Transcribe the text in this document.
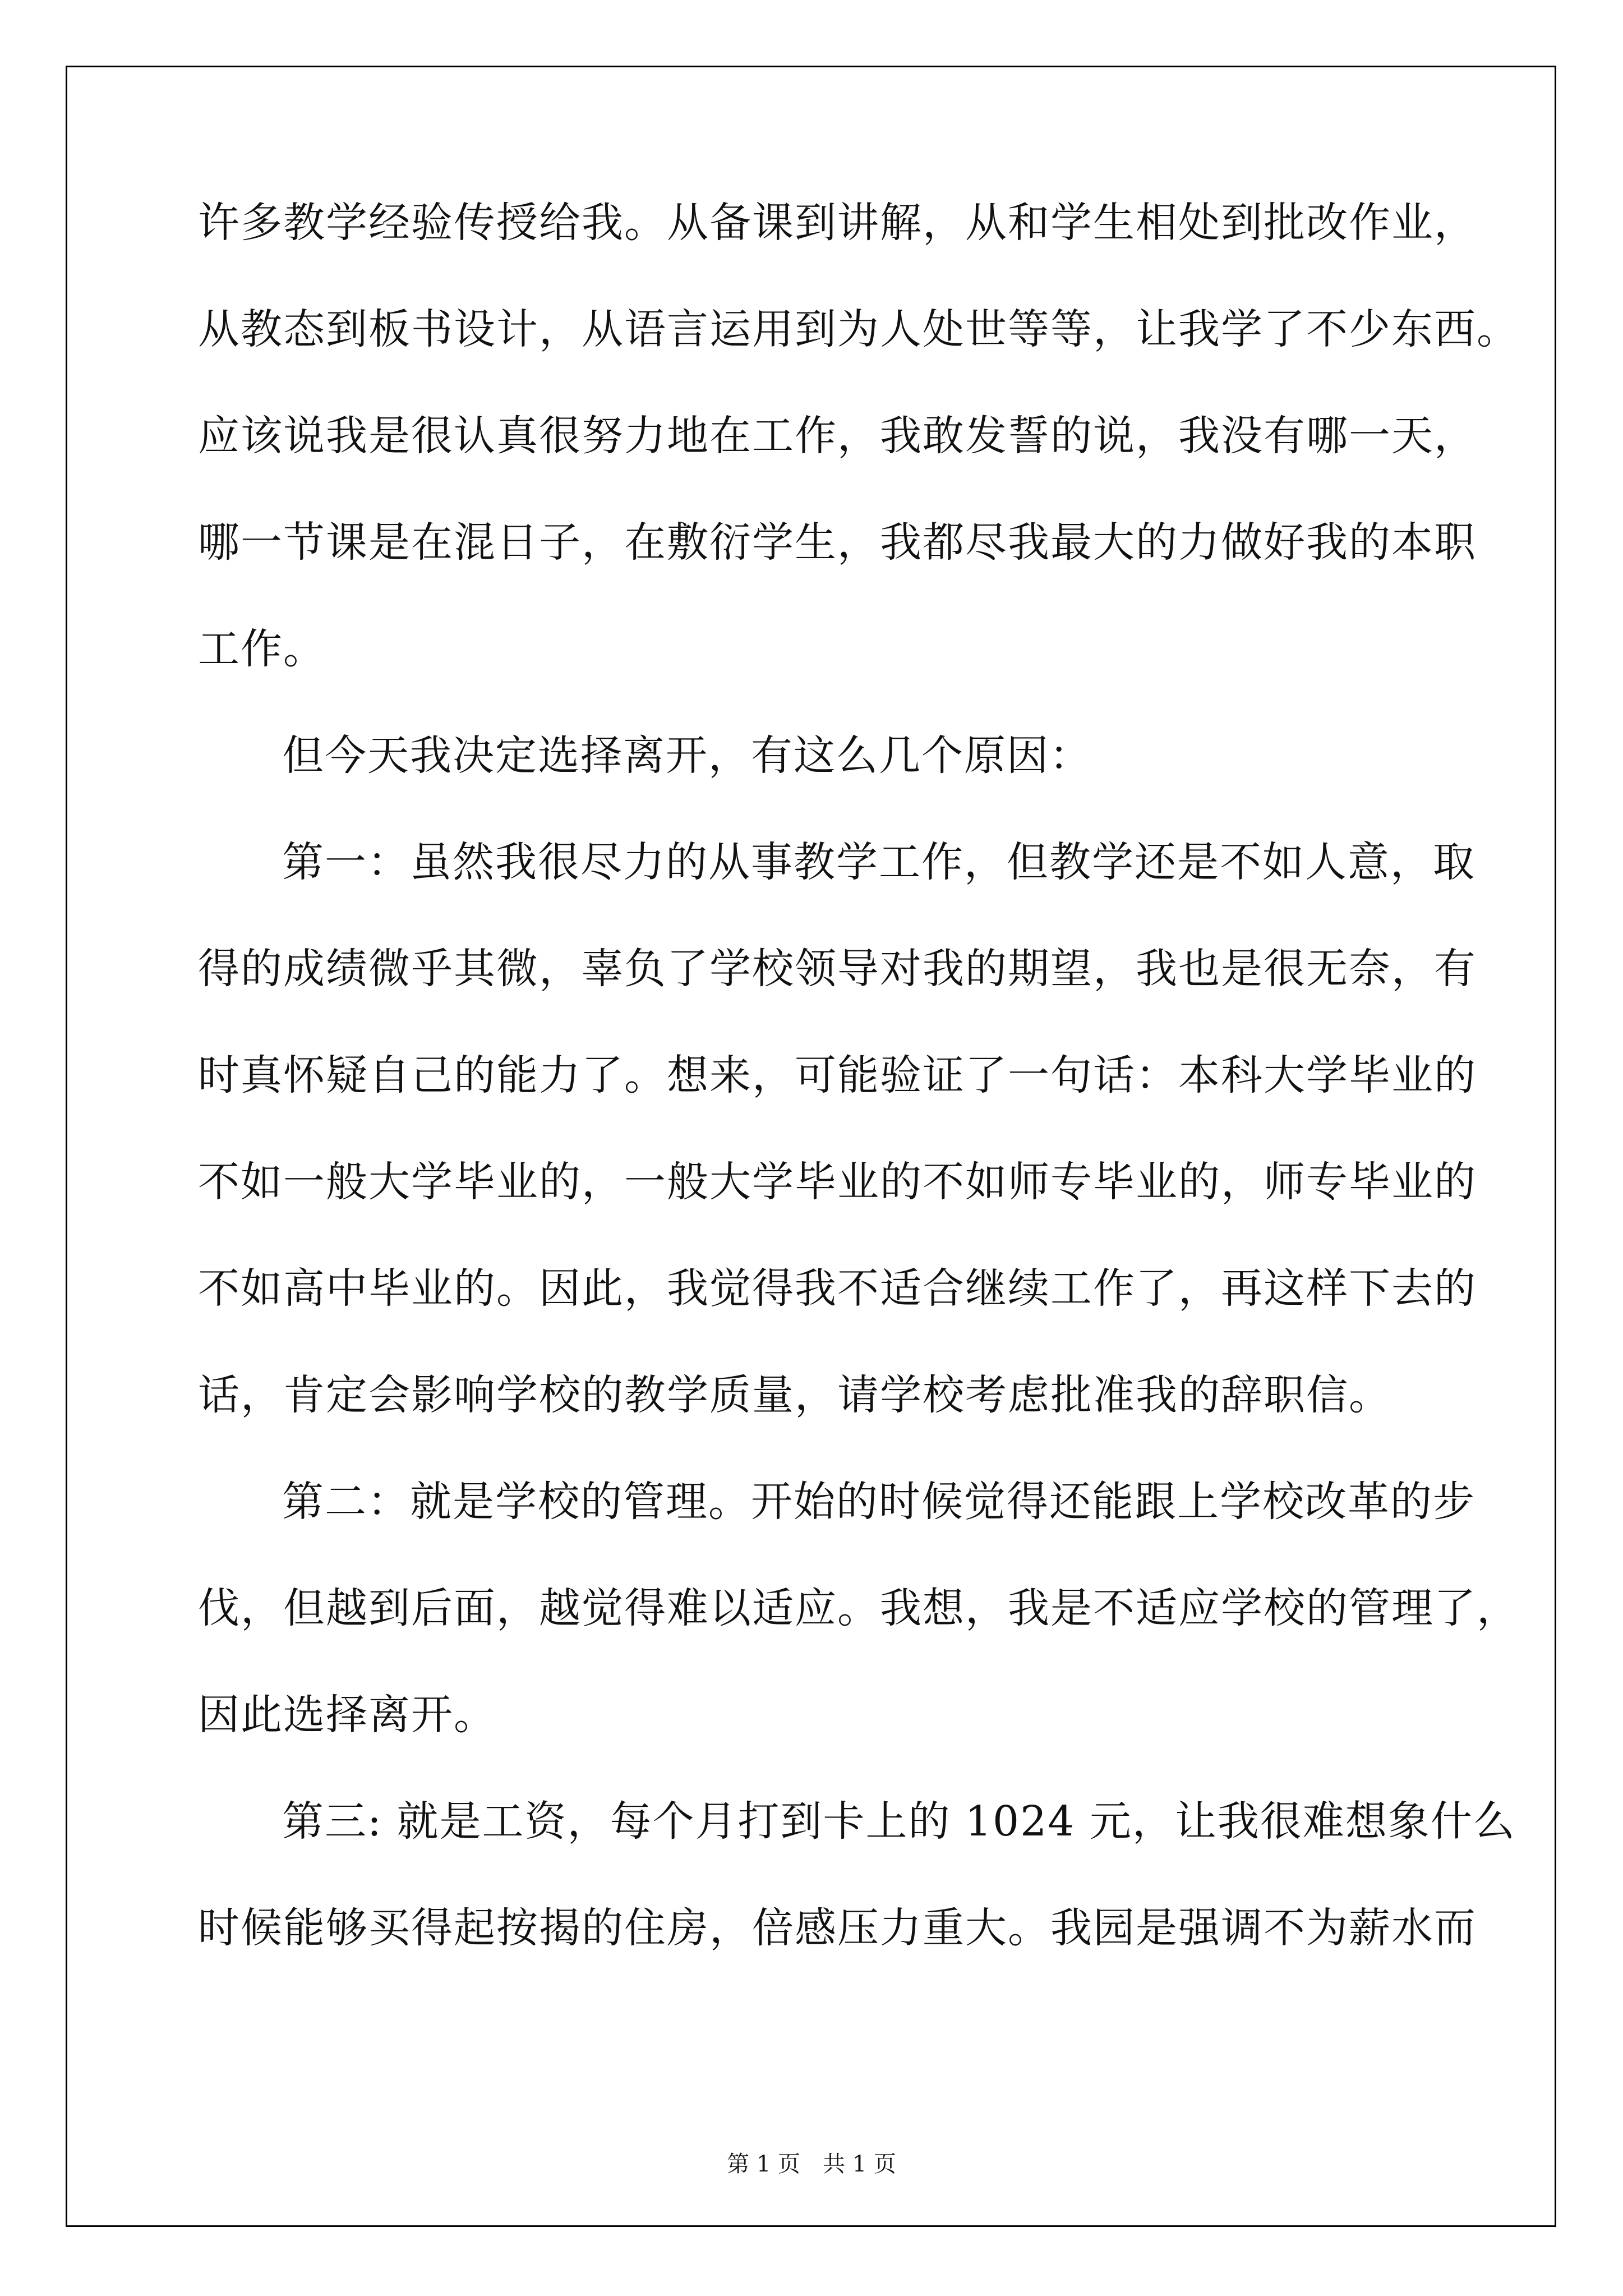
许多教学经验传授给我。从备课到讲解，从和学生相处到批改作业，
从教态到板书设计，从语言运用到为人处世等等，让我学了不少东西。
应该说我是很认真很努力地在工作，我敢发誓的说，我没有哪一天，
哪一节课是在混日子，在敷衍学生，我都尽我最大的力做好我的本职
工作。
但今天我决定选择离开，有这么几个原因：
第一：虽然我很尽力的从事教学工作，但教学还是不如人意，取
得的成绩微乎其微，辜负了学校领导对我的期望，我也是很无奈，有
时真怀疑自己的能力了。想来，可能验证了一句话：本科大学毕业的
不如一般大学毕业的，一般大学毕业的不如师专毕业的，师专毕业的
不如高中毕业的。因此，我觉得我不适合继续工作了，再这样下去的
话，肯定会影响学校的教学质量，请学校考虑批准我的辞职信。
第二：就是学校的管理。开始的时候觉得还能跟上学校改革的步
伐，但越到后面，越觉得难以适应。我想，我是不适应学校的管理了，
因此选择离开。
第三: 就是工资，每个月打到卡上的 1024 元，让我很难想象什么
时候能够买得起按揭的住房，倍感压力重大。我园是强调不为薪水而
第 1 页　共 1 页
